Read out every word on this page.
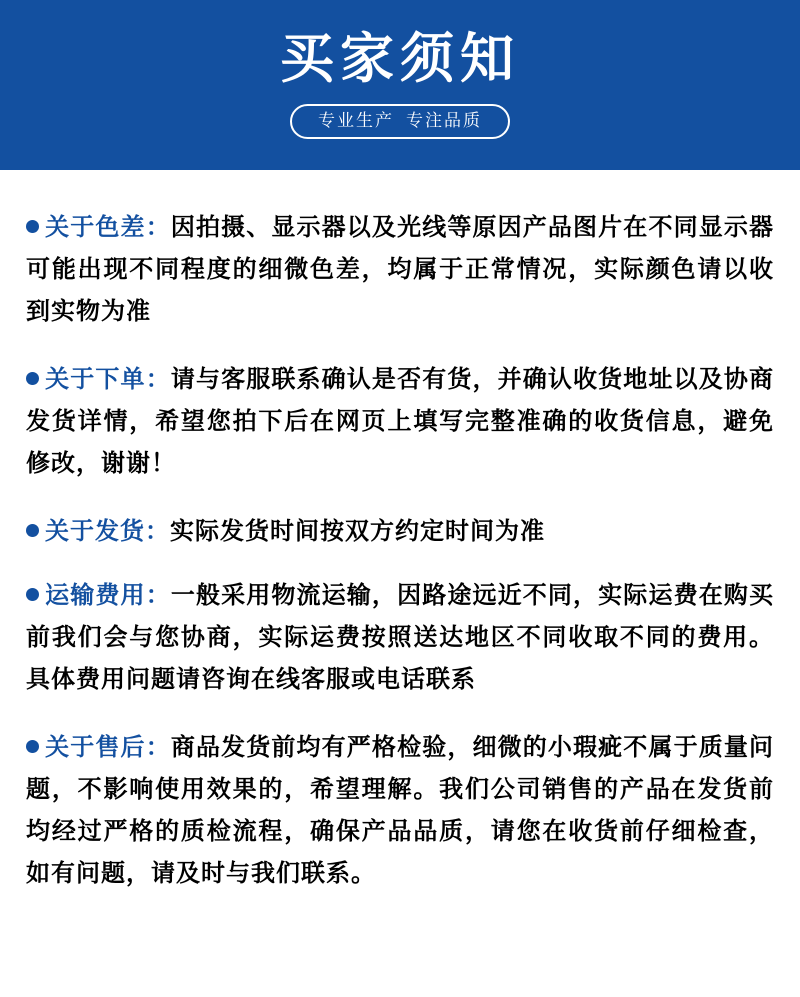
买家须知
专业生产 专注品质

关于色差：因拍摄、显示器以及光线等原因产品图片在不同显示器可能出现不同程度的细微色差，均属于正常情况，实际颜色请以收到实物为准

关于下单：请与客服联系确认是否有货，并确认收货地址以及协商发货详情，希望您拍下后在网页上填写完整准确的收货信息，避免修改，谢谢！

关于发货：实际发货时间按双方约定时间为准

运输费用：一般采用物流运输，因路途远近不同，实际运费在购买前我们会与您协商，实际运费按照送达地区不同收取不同的费用。具体费用问题请咨询在线客服或电话联系

关于售后：商品发货前均有严格检验，细微的小瑕疵不属于质量问题，不影响使用效果的，希望理解。我们公司销售的产品在发货前均经过严格的质检流程，确保产品品质，请您在收货前仔细检查，如有问题，请及时与我们联系。
